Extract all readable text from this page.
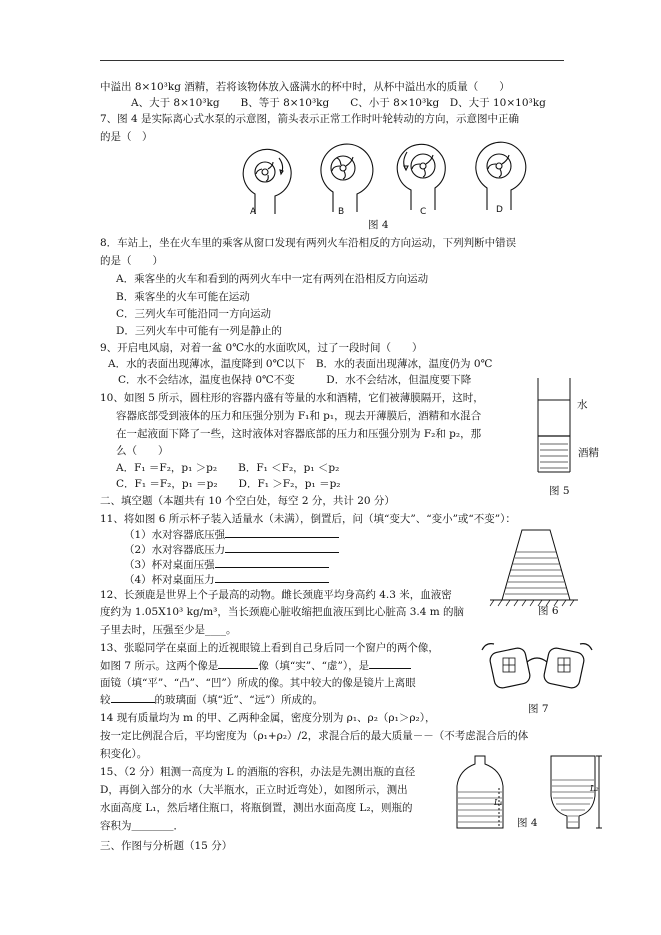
中溢出 8×10³kg 酒精，若将该物体放入盛满水的杯中时，从杯中溢出水的质量（　　）
A、大于 8×10³kg　　B、等于 8×10³kg　　C、小于 8×10³kg　D、大于 10×10³kg
7、图 4 是实际离心式水泵的示意图，箭头表示正常工作时叶轮转动的方向，示意图中正确
的是（　）
A	B	C	D
图 4
8．车站上，坐在火车里的乘客从窗口发现有两列火车沿相反的方向运动，下列判断中错误
的是（　　）
A．乘客坐的火车和看到的两列火车中一定有两列在沿相反方向运动
B．乘客坐的火车可能在运动
C．三列火车可能沿同一方向运动
D．三列火车中可能有一列是静止的
9、开启电风扇，对着一盆 0℃水的水面吹风，过了一段时间（　　）
A．水的表面出现薄冰，温度降到 0℃以下　B．水的表面出现薄冰，温度仍为 0℃
C．水不会结冰，温度也保持 0℃不变　　　D．水不会结冰，但温度要下降
10、如图 5 所示，圆柱形的容器内盛有等量的水和酒精，它们被薄膜隔开，这时，
容器底部受到液体的压力和压强分别为 F₁和 p₁，现去开薄膜后，酒精和水混合
在一起液面下降了一些，这时液体对容器底部的压力和压强分别为 F₂和 p₂，那
么（　　）
A．F₁ ＝F₂，p₁ ＞p₂　　B．F₁ ＜F₂，p₁ ＜p₂
C．F₁ ＝F₂，p₁ ＝p₂　　D．F₁ ＞F₂，p₁ ＝p₂
水
酒精
图 5
二、填空题（本题共有 10 个空白处，每空 2 分，共计 20 分）
11、将如图 6 所示杯子装入适量水（未满），倒置后，问（填“变大”、“变小”或“不变”）：
（1）水对容器底压强
（2）水对容器底压力
（3）杯对桌面压强
（4）杯对桌面压力
图 6
12、长颈鹿是世界上个子最高的动物。雌长颈鹿平均身高约 4.3 米，血液密
度约为 1.05X10³ kg/m³，当长颈鹿心脏收缩把血液压到比心脏高 3.4 m 的脑
子里去时，压强至少是____。
13、张聪同学在桌面上的近视眼镜上看到自己身后同一个窗户的两个像，
如图 7 所示。这两个像是	像（填“实”、“虚”），是
面镜（填“平”、“凸”、“凹”）所成的像。其中较大的像是镜片上离眼
较	的玻璃面（填“近”、“远”）所成的。
图 7
14 现有质量均为 m 的甲、乙两种金属，密度分别为 ρ₁、ρ₂（ρ₁＞ρ₂），
按一定比例混合后，平均密度为（ρ₁+ρ₂）/2，求混合后的最大质量－－（不考虑混合后的体
积变化）。
15、（2 分）粗测一高度为 L 的酒瓶的容积，办法是先测出瓶的直径
D，再倒入部分的水（大半瓶水，正立时近弯处），如图所示，测出
水面高度 L₁，然后堵住瓶口，将瓶倒置，测出水面高度 L₂，则瓶的
容积为＿＿＿＿．
L₁
L₂
图 4
三、作图与分析题（15 分）
